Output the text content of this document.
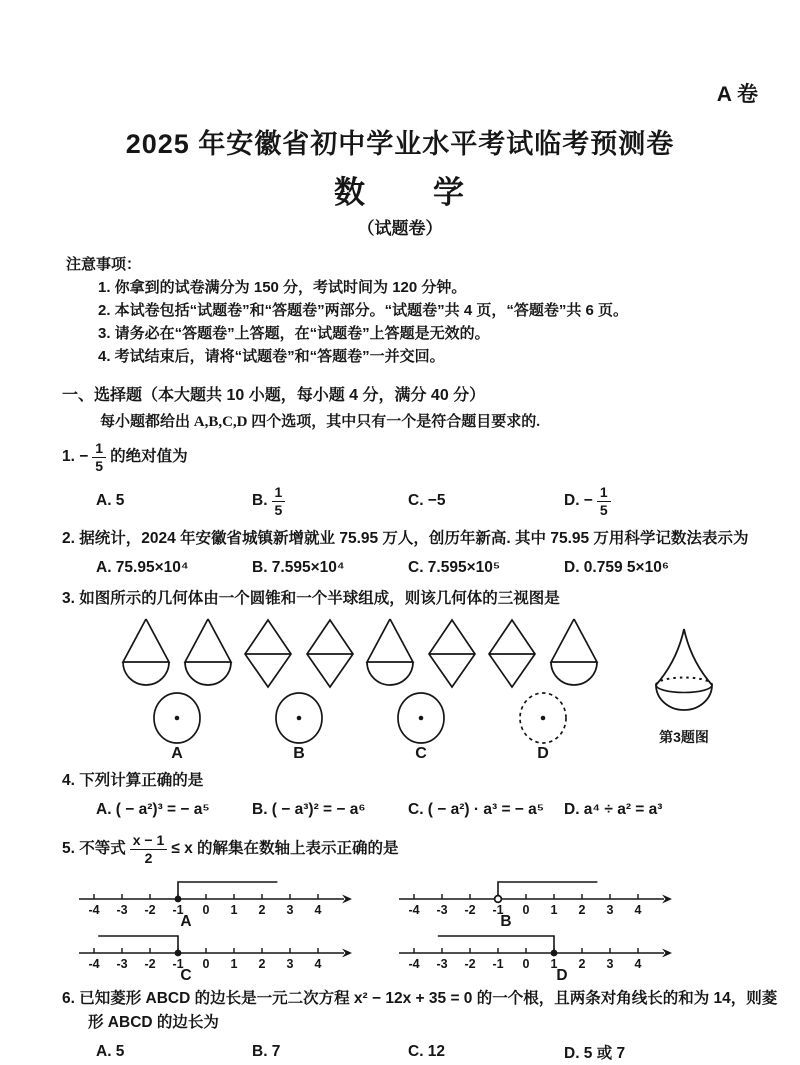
A 卷
2025 年安徽省初中学业水平考试临考预测卷
数　　学
（试题卷）
注意事项：
1. 你拿到的试卷满分为 150 分，考试时间为 120 分钟。
2. 本试卷包括“试题卷”和“答题卷”两部分。“试题卷”共 4 页，“答题卷”共 6 页。
3. 请务必在“答题卷”上答题，在“试题卷”上答题是无效的。
4. 考试结束后，请将“试题卷”和“答题卷”一并交回。
一、选择题（本大题共 10 小题，每小题 4 分，满分 40 分）
每小题都给出 A,B,C,D 四个选项，其中只有一个是符合题目要求的.
1. − $\frac{1}{5}$ 的绝对值为
A. 5	B. $\frac{1}{5}$	C. −5	D. − $\frac{1}{5}$
2. 据统计，2024 年安徽省城镇新增就业 75.95 万人，创历年新高. 其中 75.95 万用科学记数法表示为
A. 75.95×10⁴	B. 7.595×10⁴	C. 7.595×10⁵	D. 0.759 5×10⁶
3. 如图所示的几何体由一个圆锥和一个半球组成，则该几何体的三视图是
A	B	C	D
第3题图
4. 下列计算正确的是
A. ( − a²)³ = − a⁵	B. ( − a³)² = − a⁶	C. ( − a²) · a³ = − a⁵	D. a⁴ ÷ a² = a³
5. 不等式 $\frac{x - 1}{2} \le x$ 的解集在数轴上表示正确的是
-4 -3 -2 -1 0 1 2 3 4
A
-4 -3 -2 -1 0 1 2 3 4
B
-4 -3 -2 -1 0 1 2 3 4
C
-4 -3 -2 -1 0 1 2 3 4
D
6. 已知菱形 ABCD 的边长是一元二次方程 x² − 12x + 35 = 0 的一个根，且两条对角线长的和为 14，则菱
形 ABCD 的边长为
A. 5	B. 7	C. 12	D. 5 或 7
